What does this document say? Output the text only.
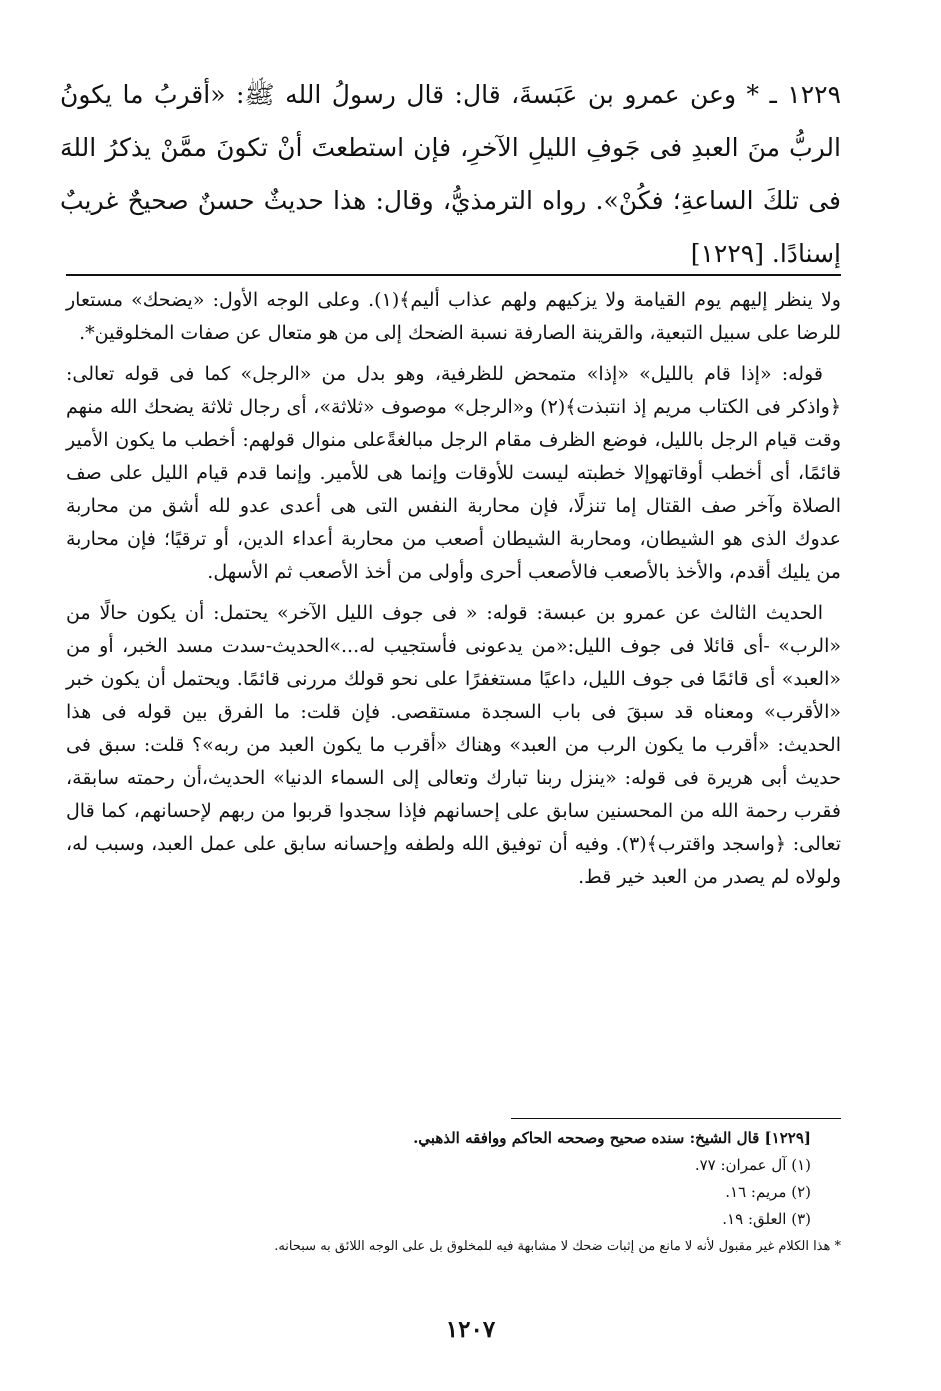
١٢٢٩ ـ * وعن عمرو بن عَبَسةَ، قال: قال رسولُ الله ﷺ: «أقربُ ما يكونُ الربُّ منَ العبدِ فى جَوفِ الليلِ الآخرِ، فإن استطعتَ أنْ تكونَ ممَّنْ يذكرُ اللهَ فى تلكَ الساعةِ؛ فكُنْ». رواه الترمذيُّ، وقال: هذا حديثٌ حسنٌ صحيحٌ غريبٌ إسنادًا. [١٢٢٩]

ولا ينظر إليهم يوم القيامة ولا يزكيهم ولهم عذاب أليم﴾(١). وعلى الوجه الأول: «يضحك» مستعار للرضا على سبيل التبعية، والقرينة الصارفة نسبة الضحك إلى من هو متعال عن صفات المخلوقين*.

قوله: «إذا قام بالليل» «إذا» متمحض للظرفية، وهو بدل من «الرجل» كما فى قوله تعالى: ﴿واذكر فى الكتاب مريم إذ انتبذت﴾(٢) و«الرجل» موصوف «ثلاثة»، أى رجال ثلاثة يضحك الله منهم وقت قيام الرجل بالليل، فوضع الظرف مقام الرجل مبالغةًعلى منوال قولهم: أخطب ما يكون الأمير قائمًا، أى أخطب أوقاتهوإلا خطبته ليست للأوقات وإنما هى للأمير. وإنما قدم قيام الليل على صف الصلاة وآخر صف القتال إما تنزلًا، فإن محاربة النفس التى هى أعدى عدو لله أشق من محاربة عدوك الذى هو الشيطان، ومحاربة الشيطان أصعب من محاربة أعداء الدين، أو ترقيًا؛ فإن محاربة من يليك أقدم، والأخذ بالأصعب فالأصعب أحرى وأولى من أخذ الأصعب ثم الأسهل.

الحديث الثالث عن عمرو بن عبسة: قوله: « فى جوف الليل الآخر» يحتمل: أن يكون حالًا من «الرب» -أى قائلا فى جوف الليل:«من يدعونى فأستجيب له...»الحديث-سدت مسد الخبر، أو من «العبد» أى قائمًا فى جوف الليل، داعيًا مستغفرًا على نحو قولك مررنى قائمًا. ويحتمل أن يكون خبر «الأقرب» ومعناه قد سبقَ فى باب السجدة مستقصى. فإن قلت: ما الفرق بين قوله فى هذا الحديث: «أقرب ما يكون الرب من العبد» وهناك «أقرب ما يكون العبد من ربه»؟ قلت: سبق فى حديث أبى هريرة فى قوله: «ينزل ربنا تبارك وتعالى إلى السماء الدنيا» الحديث،أن رحمته سابقة، فقرب رحمة الله من المحسنين سابق على إحسانهم فإذا سجدوا قربوا من ربهم لإحسانهم، كما قال تعالى: ﴿واسجد واقترب﴾(٣). وفيه أن توفيق الله ولطفه وإحسانه سابق على عمل العبد، وسبب له، ولولاه لم يصدر من العبد خير قط.

[١٢٢٩] قال الشيخ: سنده صحيح وصححه الحاكم ووافقه الذهبي.
(١) آل عمران: ٧٧.
(٢) مريم: ١٦.
(٣) العلق: ١٩.
* هذا الكلام غير مقبول لأنه لا مانع من إثبات ضحك لا مشابهة فيه للمخلوق بل على الوجه اللائق به سبحانه.
١٢٠٧
